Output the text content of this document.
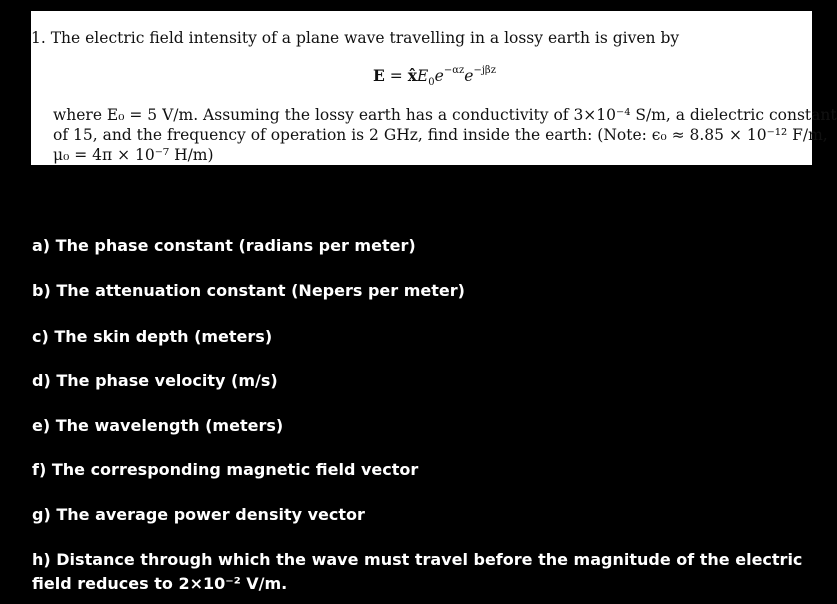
1. The electric field intensity of a plane wave travelling in a lossy earth is given by
$E = x̂E_0e^{-\alpha z}e^{-j\beta z}$

where E₀ = 5 V/m. Assuming the lossy earth has a conductivity of 3×10⁻⁴ S/m, a dielectric constant

of 15, and the frequency of operation is 2 GHz, find inside the earth: (Note: ϵ₀ ≈ 8.85 × 10⁻¹² F/m,

μ₀ = 4π × 10⁻⁷ H/m)

a) The phase constant (radians per meter)
b) The attenuation constant (Nepers per meter)
c) The skin depth (meters)
d) The phase velocity (m/s)
e) The wavelength (meters)
f) The corresponding magnetic field vector
g) The average power density vector
h) Distance through which the wave must travel before the magnitude of the electric field reduces to 2×10⁻² V/m.
